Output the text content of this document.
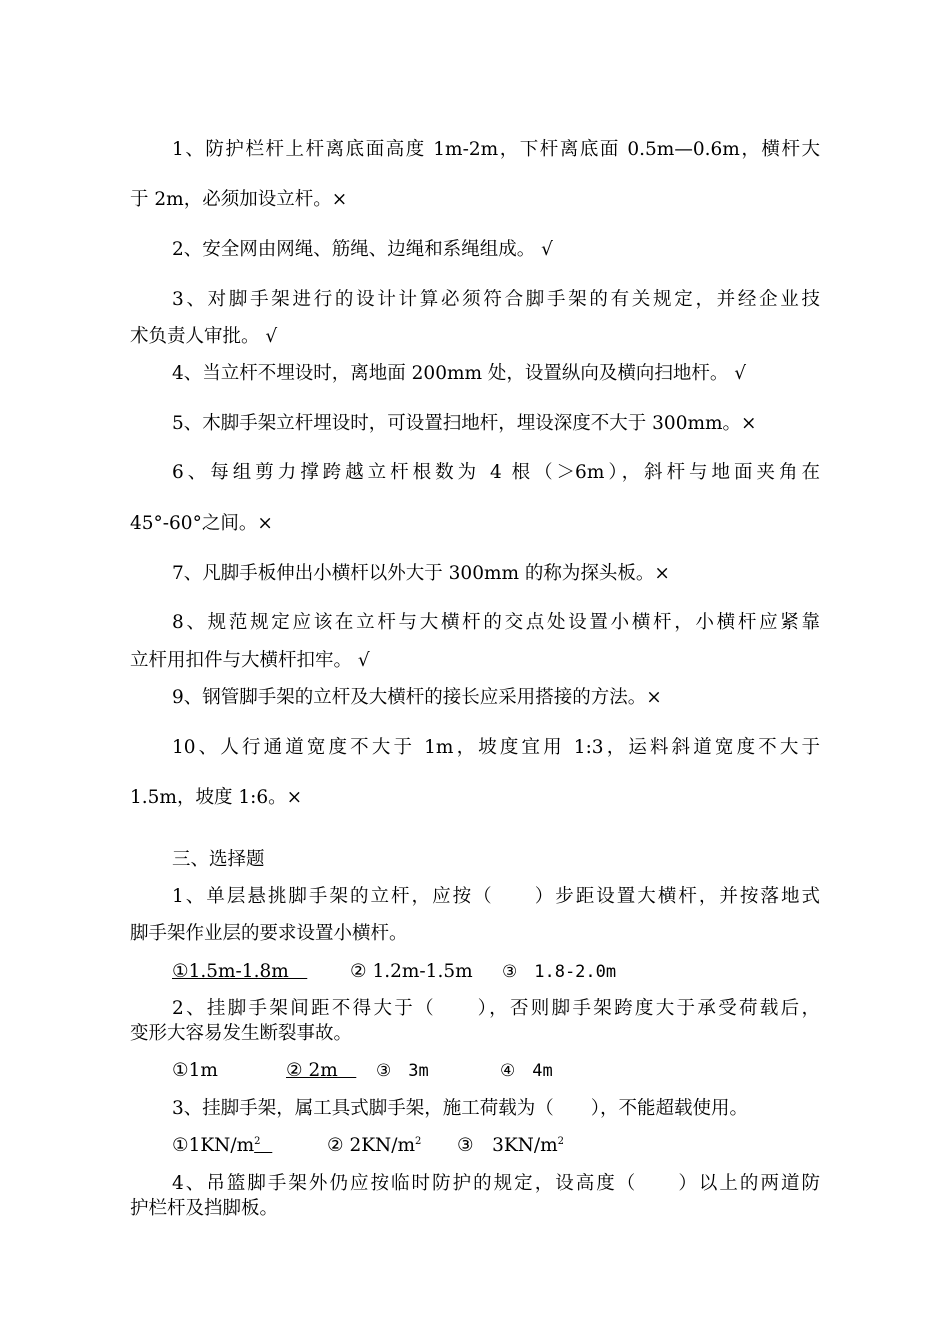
1、防护栏杆上杆离底面高度 1m-2m，下杆离底面 0.5m—0.6m，横杆大
于 2m，必须加设立杆。×
2、安全网由网绳、筋绳、边绳和系绳组成。 √
3、对脚手架进行的设计计算必须符合脚手架的有关规定，并经企业技
术负责人审批。 √
4、当立杆不埋设时，离地面 200mm 处，设置纵向及横向扫地杆。 √
5、木脚手架立杆埋设时，可设置扫地杆，埋设深度不大于 300mm。×
6、每组剪力撑跨越立杆根数为 4 根（＞6m），斜杆与地面夹角在
45°-60°之间。×
7、凡脚手板伸出小横杆以外大于 300mm 的称为探头板。×
8、规范规定应该在立杆与大横杆的交点处设置小横杆，小横杆应紧靠
立杆用扣件与大横杆扣牢。 √
9、钢管脚手架的立杆及大横杆的接长应采用搭接的方法。×
10、人行通道宽度不大于 1m，坡度宜用 1:3，运料斜道宽度不大于
1.5m，坡度 1:6。×
三、选择题
1、单层悬挑脚手架的立杆，应按（　　）步距设置大横杆，并按落地式
脚手架作业层的要求设置小横杆。
①1.5m-1.8m　② 1.2m-1.5m ③　1.8-2.0m
2、挂脚手架间距不得大于（　　），否则脚手架跨度大于承受荷载后，
变形大容易发生断裂事故。
①1m	② 2m　③　3m	④　4m
3、挂脚手架，属工具式脚手架，施工荷载为（　　），不能超载使用。
$①1KN/m^2$	② $2KN/m^2$ ③　$3KN/m^2$
4、吊篮脚手架外仍应按临时防护的规定，设高度（　　）以上的两道防
护栏杆及挡脚板。
